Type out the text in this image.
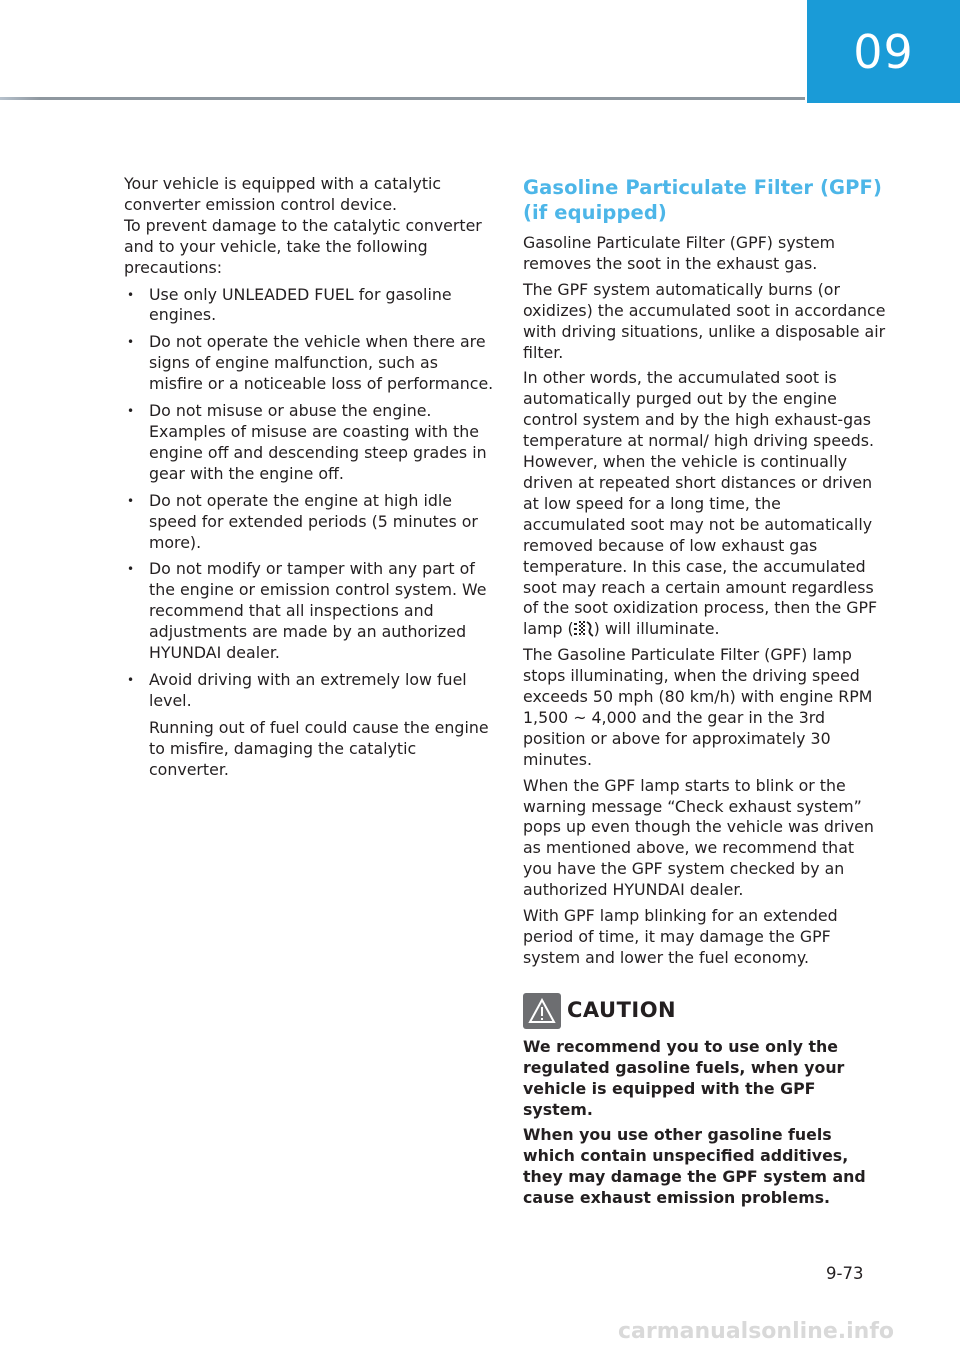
09

Your vehicle is equipped with a catalytic converter emission control device.

To prevent damage to the catalytic converter and to your vehicle, take the following precautions:

• Use only UNLEADED FUEL for gasoline engines.
• Do not operate the vehicle when there are signs of engine malfunction, such as misfire or a noticeable loss of performance.
• Do not misuse or abuse the engine. Examples of misuse are coasting with the engine off and descending steep grades in gear with the engine off.
• Do not operate the engine at high idle speed for extended periods (5 minutes or more).
• Do not modify or tamper with any part of the engine or emission control system. We recommend that all inspections and adjustments are made by an authorized HYUNDAI dealer.
• Avoid driving with an extremely low fuel level.
Running out of fuel could cause the engine to misfire, damaging the catalytic converter.
Gasoline Particulate Filter (GPF) (if equipped)

Gasoline Particulate Filter (GPF) system removes the soot in the exhaust gas.

The GPF system automatically burns (or oxidizes) the accumulated soot in accordance with driving situations, unlike a disposable air filter.

In other words, the accumulated soot is automatically purged out by the engine control system and by the high exhaust-gas temperature at normal/ high driving speeds. However, when the vehicle is continually driven at repeated short distances or driven at low speed for a long time, the accumulated soot may not be automatically removed because of low exhaust gas temperature. In this case, the accumulated soot may reach a certain amount regardless of the soot oxidization process, then the GPF lamp ( ) will illuminate.

The Gasoline Particulate Filter (GPF) lamp stops illuminating, when the driving speed exceeds 50 mph (80 km/h) with engine RPM 1,500 ~ 4,000 and the gear in the 3rd position or above for approximately 30 minutes.

When the GPF lamp starts to blink or the warning message “Check exhaust system” pops up even though the vehicle was driven as mentioned above, we recommend that you have the GPF system checked by an authorized HYUNDAI dealer.

With GPF lamp blinking for an extended period of time, it may damage the GPF system and lower the fuel economy.

CAUTION

We recommend you to use only the regulated gasoline fuels, when your vehicle is equipped with the GPF system.

When you use other gasoline fuels which contain unspecified additives, they may damage the GPF system and cause exhaust emission problems.

9-73
carmanualsonline.info
